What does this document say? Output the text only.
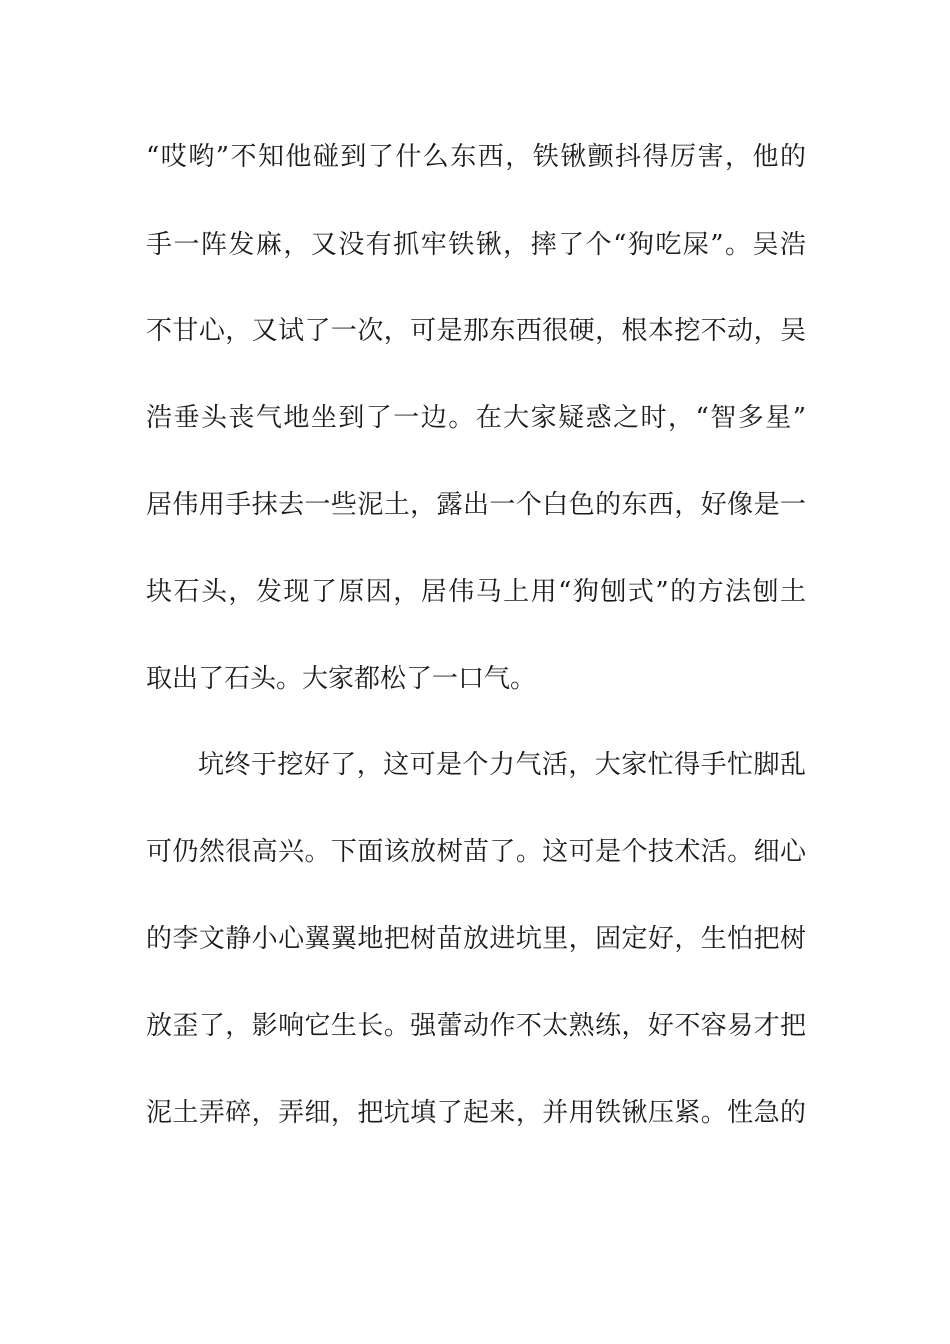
“哎哟”不知他碰到了什么东西，铁锹颤抖得厉害，他的
手一阵发麻，又没有抓牢铁锹，摔了个“狗吃屎”。吴浩
不甘心，又试了一次，可是那东西很硬，根本挖不动，吴
浩垂头丧气地坐到了一边。在大家疑惑之时，“智多星”
居伟用手抹去一些泥土，露出一个白色的东西，好像是一
块石头，发现了原因，居伟马上用“狗刨式”的方法刨土
取出了石头。大家都松了一口气。
坑终于挖好了，这可是个力气活，大家忙得手忙脚乱
可仍然很高兴。下面该放树苗了。这可是个技术活。细心
的李文静小心翼翼地把树苗放进坑里，固定好，生怕把树
放歪了，影响它生长。强蕾动作不太熟练，好不容易才把
泥土弄碎，弄细，把坑填了起来，并用铁锹压紧。性急的
